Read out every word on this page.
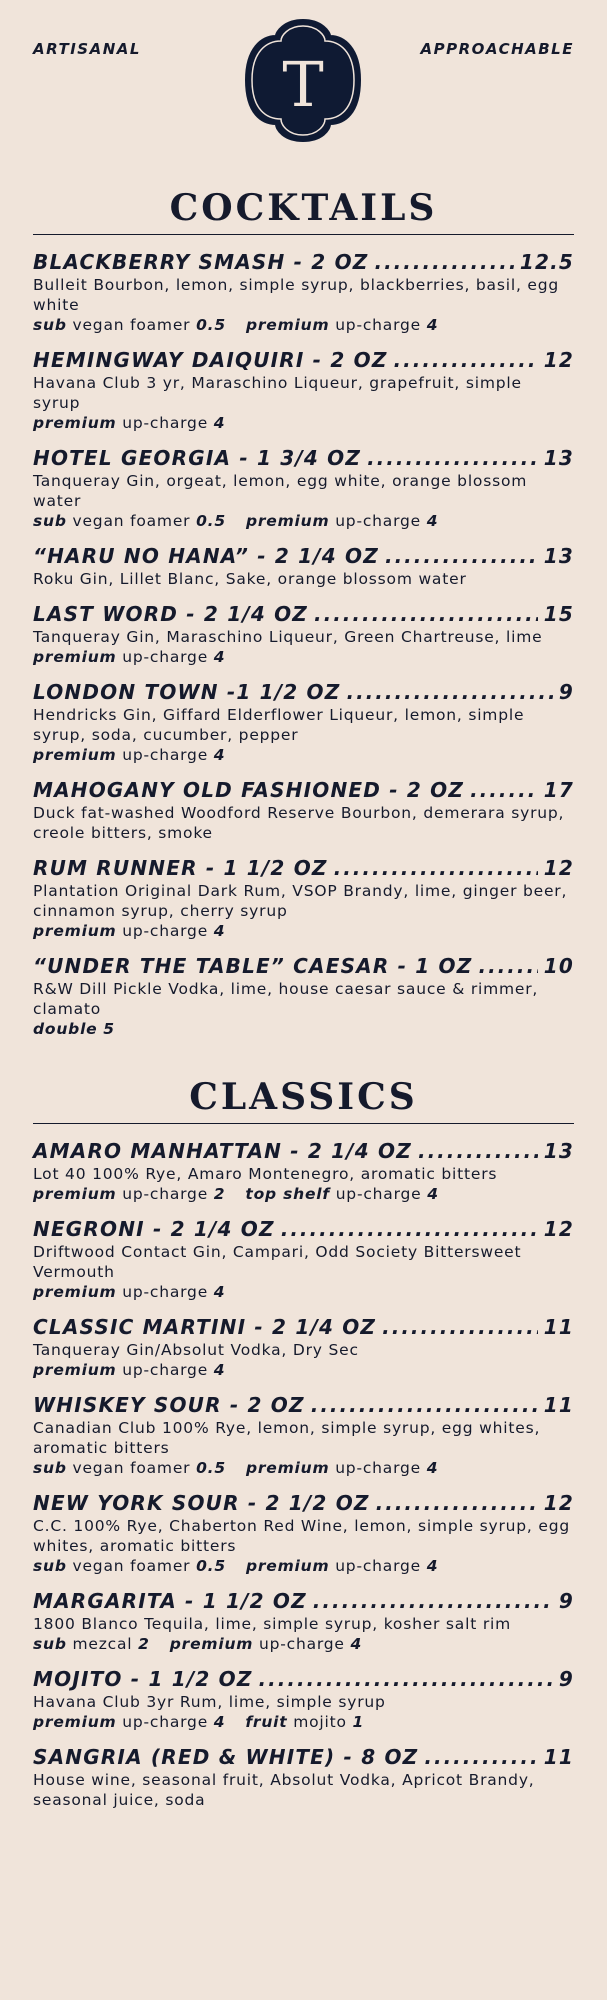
ARTISANAL T	APPROACHABLE
COCKTAILS
BLACKBERRY SMASH - 2 OZ .....	12.5
Bulleit Bourbon, lemon, simple syrup, blackberries, basil, egg white
sub vegan foamer 0.5 premium up-charge 4
HEMINGWAY DAIQUIRI - 2 OZ .....	12
Havana Club 3 yr, Maraschino Liqueur, grapefruit, simple syrup
premium up-charge 4
HOTEL GEORGIA - 1 3/4 OZ .....	13
Tanqueray Gin, orgeat, lemon, egg white, orange blossom water
sub vegan foamer 0.5 premium up-charge 4
“HARU NO HANA” - 2 1/4 OZ .....	13
Roku Gin, Lillet Blanc, Sake, orange blossom water
LAST WORD - 2 1/4 OZ .....	15
Tanqueray Gin, Maraschino Liqueur, Green Chartreuse, lime
premium up-charge 4
LONDON TOWN -1 1/2 OZ .....	9
Hendricks Gin, Giffard Elderflower Liqueur, lemon, simple syrup, soda, cucumber, pepper
premium up-charge 4
MAHOGANY OLD FASHIONED - 2 OZ .....	17
Duck fat-washed Woodford Reserve Bourbon, demerara syrup, creole bitters, smoke
RUM RUNNER - 1 1/2 OZ .....	12
Plantation Original Dark Rum, VSOP Brandy, lime, ginger beer, cinnamon syrup, cherry syrup
premium up-charge 4
“UNDER THE TABLE” CAESAR - 1 OZ .....	10
R&W Dill Pickle Vodka, lime, house caesar sauce & rimmer, clamato
double 5
CLASSICS
AMARO MANHATTAN - 2 1/4 OZ .....	13
Lot 40 100% Rye, Amaro Montenegro, aromatic bitters
premium up-charge 2 top shelf up-charge 4
NEGRONI - 2 1/4 OZ .....	12
Driftwood Contact Gin, Campari, Odd Society Bittersweet Vermouth
premium up-charge 4
CLASSIC MARTINI - 2 1/4 OZ .....	11
Tanqueray Gin/Absolut Vodka, Dry Sec
premium up-charge 4
WHISKEY SOUR - 2 OZ .....	11
Canadian Club 100% Rye, lemon, simple syrup, egg whites, aromatic bitters
sub vegan foamer 0.5 premium up-charge 4
NEW YORK SOUR - 2 1/2 OZ .....	12
C.C. 100% Rye, Chaberton Red Wine, lemon, simple syrup, egg whites, aromatic bitters
sub vegan foamer 0.5 premium up-charge 4
MARGARITA - 1 1/2 OZ .....	9
1800 Blanco Tequila, lime, simple syrup, kosher salt rim
sub mezcal 2 premium up-charge 4
MOJITO - 1 1/2 OZ .....	9
Havana Club 3yr Rum, lime, simple syrup
premium up-charge 4 fruit mojito 1
SANGRIA (RED & WHITE) - 8 OZ .....	11
House wine, seasonal fruit, Absolut Vodka, Apricot Brandy, seasonal juice, soda
